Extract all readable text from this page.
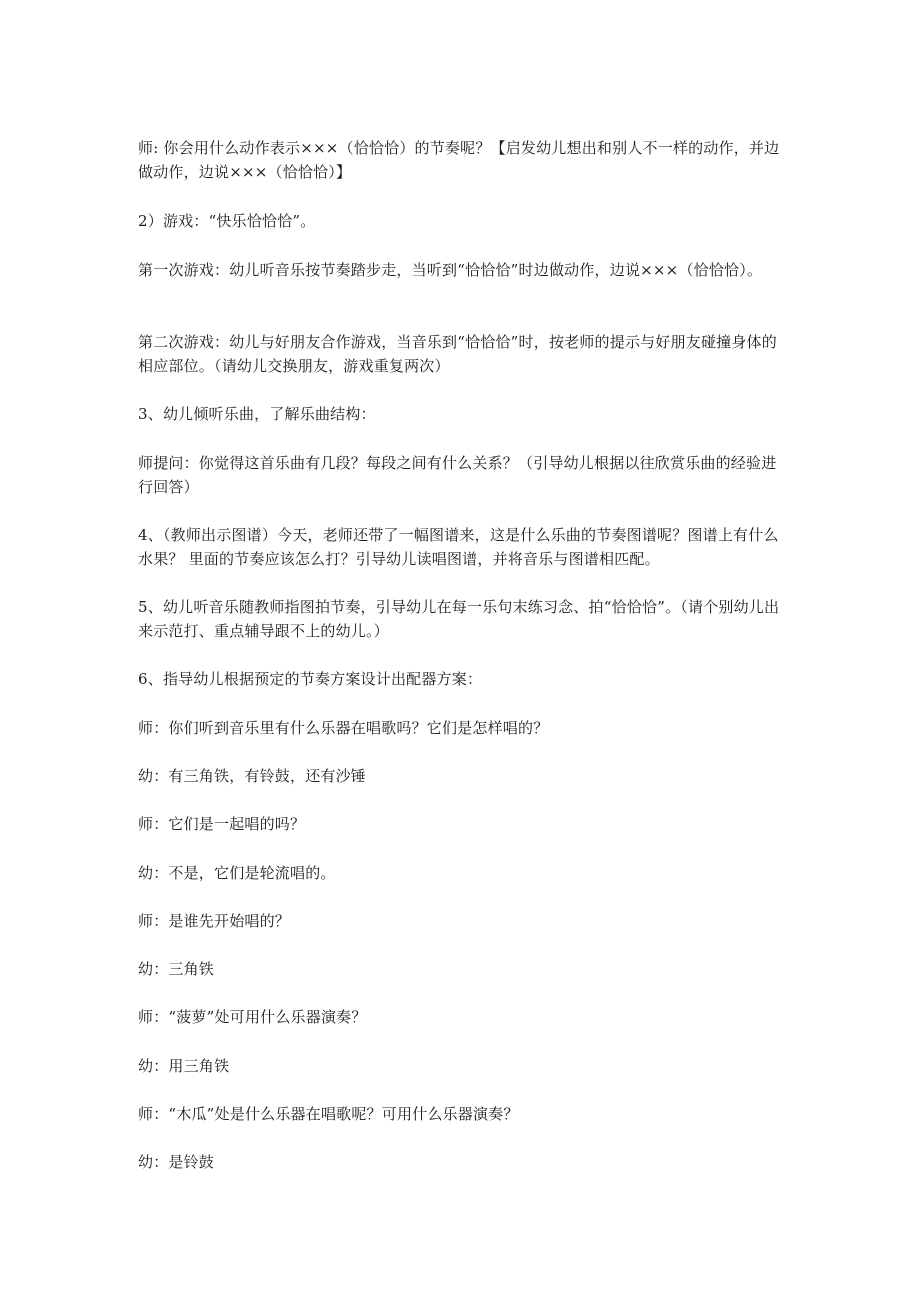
师: 你会用什么动作表示×××（恰恰恰）的节奏呢？【启发幼儿想出和别人不一样的动作，并边做动作，边说×××（恰恰恰）】

2）游戏：“快乐恰恰恰”。

第一次游戏：幼儿听音乐按节奏踏步走，当听到“恰恰恰”时边做动作，边说×××（恰恰恰）。

第二次游戏：幼儿与好朋友合作游戏，当音乐到“恰恰恰”时，按老师的提示与好朋友碰撞身体的相应部位。（请幼儿交换朋友，游戏重复两次）

3、幼儿倾听乐曲，了解乐曲结构：

师提问：你觉得这首乐曲有几段？每段之间有什么关系？（引导幼儿根据以往欣赏乐曲的经验进行回答）

4、（教师出示图谱）今天，老师还带了一幅图谱来，这是什么乐曲的节奏图谱呢？图谱上有什么水果？ 里面的节奏应该怎么打？引导幼儿读唱图谱，并将音乐与图谱相匹配。

5、幼儿听音乐随教师指图拍节奏，引导幼儿在每一乐句末练习念、拍“恰恰恰”。（请个别幼儿出来示范打、重点辅导跟不上的幼儿。）

6、指导幼儿根据预定的节奏方案设计出配器方案：

师：你们听到音乐里有什么乐器在唱歌吗？它们是怎样唱的？

幼：有三角铁，有铃鼓，还有沙锤

师：它们是一起唱的吗？

幼：不是，它们是轮流唱的。

师：是谁先开始唱的？

幼：三角铁

师：“菠萝”处可用什么乐器演奏？

幼：用三角铁

师：“木瓜”处是什么乐器在唱歌呢？可用什么乐器演奏？

幼：是铃鼓
